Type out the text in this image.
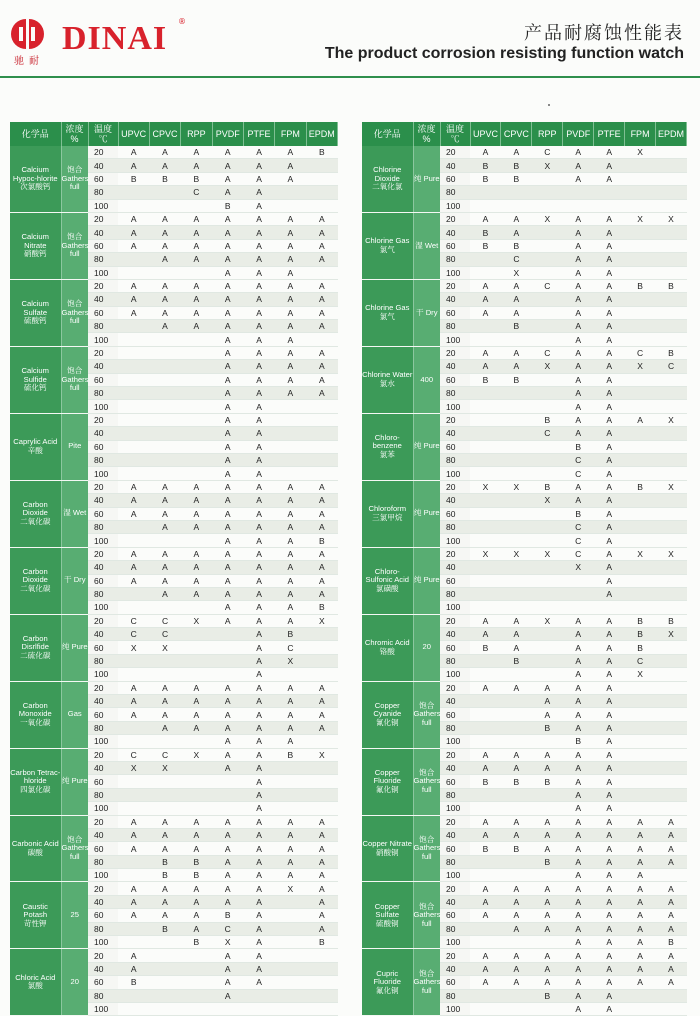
驰耐
DINAI ®
产品耐腐蚀性能表
The product corrosion resisting function watch
化学品	浓度 %	温度 ℃	UPVC	CPVC	RPP	PVDF	PTFE	FPM	EPDM

Calcium Hypoc-hlorite
次氯酸钙	饱合 Gathers full	20	A	A	A	A	A	A	B
		40	A	A	A	A	A	A	
		60	B	B	B	A	A	A	
		80			C	A	A		
		100				B	A		

Calcium Nitrate
硝酸钙	饱合 Gathers full	20	A	A	A	A	A	A	A
		40	A	A	A	A	A	A	A
		60	A	A	A	A	A	A	A
		80		A	A	A	A	A	A
		100				A	A	A	

Calcium Sulfate
硫酸钙	饱合 Gathers full	20	A	A	A	A	A	A	A
		40	A	A	A	A	A	A	A
		60	A	A	A	A	A	A	A
		80		A	A	A	A	A	A
		100				A	A	A	

Calcium Sulfide
硫化钙	饱合 Gathers full	20				A	A	A	A
		40				A	A	A	A
		60				A	A	A	A
		80				A	A	A	A
		100				A	A		

Caprylic Acid
辛酸	Pite	20				A	A		
		40				A	A		
		60				A	A		
		80				A	A		
		100				A	A		

Carbon Dioxide
二氧化碳	湿 Wet	20	A	A	A	A	A	A	A
		40	A	A	A	A	A	A	A
		60	A	A	A	A	A	A	A
		80		A	A	A	A	A	A
		100				A	A	A	B

Carbon Dioxide
二氧化碳	干 Dry	20	A	A	A	A	A	A	A
		40	A	A	A	A	A	A	A
		60	A	A	A	A	A	A	A
		80		A	A	A	A	A	A
		100				A	A	A	B

Carbon Disrlfide
二硫化碳	纯 Pure	20	C	C	X	A	A	A	X
		40	C	C			A	B	
		60	X	X			A	C	
		80					A	X	
		100					A		

Carbon Monoxide
一氧化碳	Gas	20	A	A	A	A	A	A	A
		40	A	A	A	A	A	A	A
		60	A	A	A	A	A	A	A
		80		A	A	A	A	A	A
		100				A	A	A	

Carbon Tetrac-hloride
四氯化碳	纯 Pure	20	C	C	X	A	A	B	X
		40	X	X		A	A		
		60					A		
		80					A		
		100					A		

Carbonic Acid
碳酸	饱合 Gathers full	20	A	A	A	A	A	A	A
		40	A	A	A	A	A	A	A
		60	A	A	A	A	A	A	A
		80		B	B	A	A	A	A
		100		B	B	A	A	A	A

Caustic Potash
苛性钾	25	20	A	A	A	A	A	X	A
		40	A	A	A	A	A		A
		60	A	A	A	B	A		A
		80		B	A	C	A		A
		100			B	X	A		B

Chloric Acid
氯酸	20	20	A			A	A		
		40	A			A	A		
		60	B			A	A		
		80				A			
		100							
化学品	浓度 %	温度 ℃	UPVC	CPVC	RPP	PVDF	PTFE	FPM	EPDM

Chlorine Dioxide
二氧化氯	纯 Pure	20	A	A	C	A	A	X	
		40	B	B	X	A	A		
		60	B	B		A	A		
		80							
		100							

Chlorine Gas
氯气	湿 Wet	20	A	A	X	A	A	X	X
		40	B	A		A	A		
		60	B	B		A	A		
		80		C		A	A		
		100		X		A	A		

Chlorine Gas
氯气	干 Dry	20	A	A	C	A	A	B	B
		40	A	A		A	A		
		60	A	A		A	A		
		80		B		A	A		
		100				A	A		

Chlorine Water
氯水	400	20	A	A	C	A	A	C	B
		40	A	A	X	A	A	X	C
		60	B	B		A	A		
		80				A	A		
		100				A	A		

Chloro-benzene
氯苯	纯 Pure	20			B	A	A	A	X
		40			C	A	A		
		60				B	A		
		80				C	A		
		100				C	A		

Chloroform
三氯甲烷	纯 Pure	20	X	X	B	A	A	B	X
		40			X	A	A		
		60				B	A		
		80				C	A		
		100				C	A		

Chloro-Sulfonic Acid
氯磺酸	纯 Pure	20	X	X	X	C	A	X	X
		40				X	A		
		60					A		
		80					A		
		100							

Chromic Acid
铬酸	20	20	A	A	X	A	A	B	B
		40	A	A		A	A	B	X
		60	B	A		A	A	B	
		80		B		A	A	C	
		100				A	A	X	

Copper Cyanide
氰化铜	饱合 Gathers full	20	A	A	A	A	A		
		40			A	A	A		
		60			A	A	A		
		80			B	A	A		
		100				B	A		

Copper Fluoride
氟化铜	饱合 Gathers full	20	A	A	A	A	A		
		40	A	A	A	A	A		
		60	B	B	B	A	A		
		80				A	A		
		100				A	A		

Copper Nitrate
硝酸铜	饱合 Gathers full	20	A	A	A	A	A	A	A
		40	A	A	A	A	A	A	A
		60	B	B	A	A	A	A	A
		80			B	A	A	A	A
		100				A	A	A	

Copper Sulfate
硫酸铜	饱合 Gathers full	20	A	A	A	A	A	A	A
		40	A	A	A	A	A	A	A
		60	A	A	A	A	A	A	A
		80		A	A	A	A	A	A
		100				A	A	A	B

Cupric Fluoride
氟化铜	饱合 Gathers full	20	A	A	A	A	A	A	A
		40	A	A	A	A	A	A	A
		60	A	A	A	A	A	A	A
		80			B	A	A		
		100				A	A		
